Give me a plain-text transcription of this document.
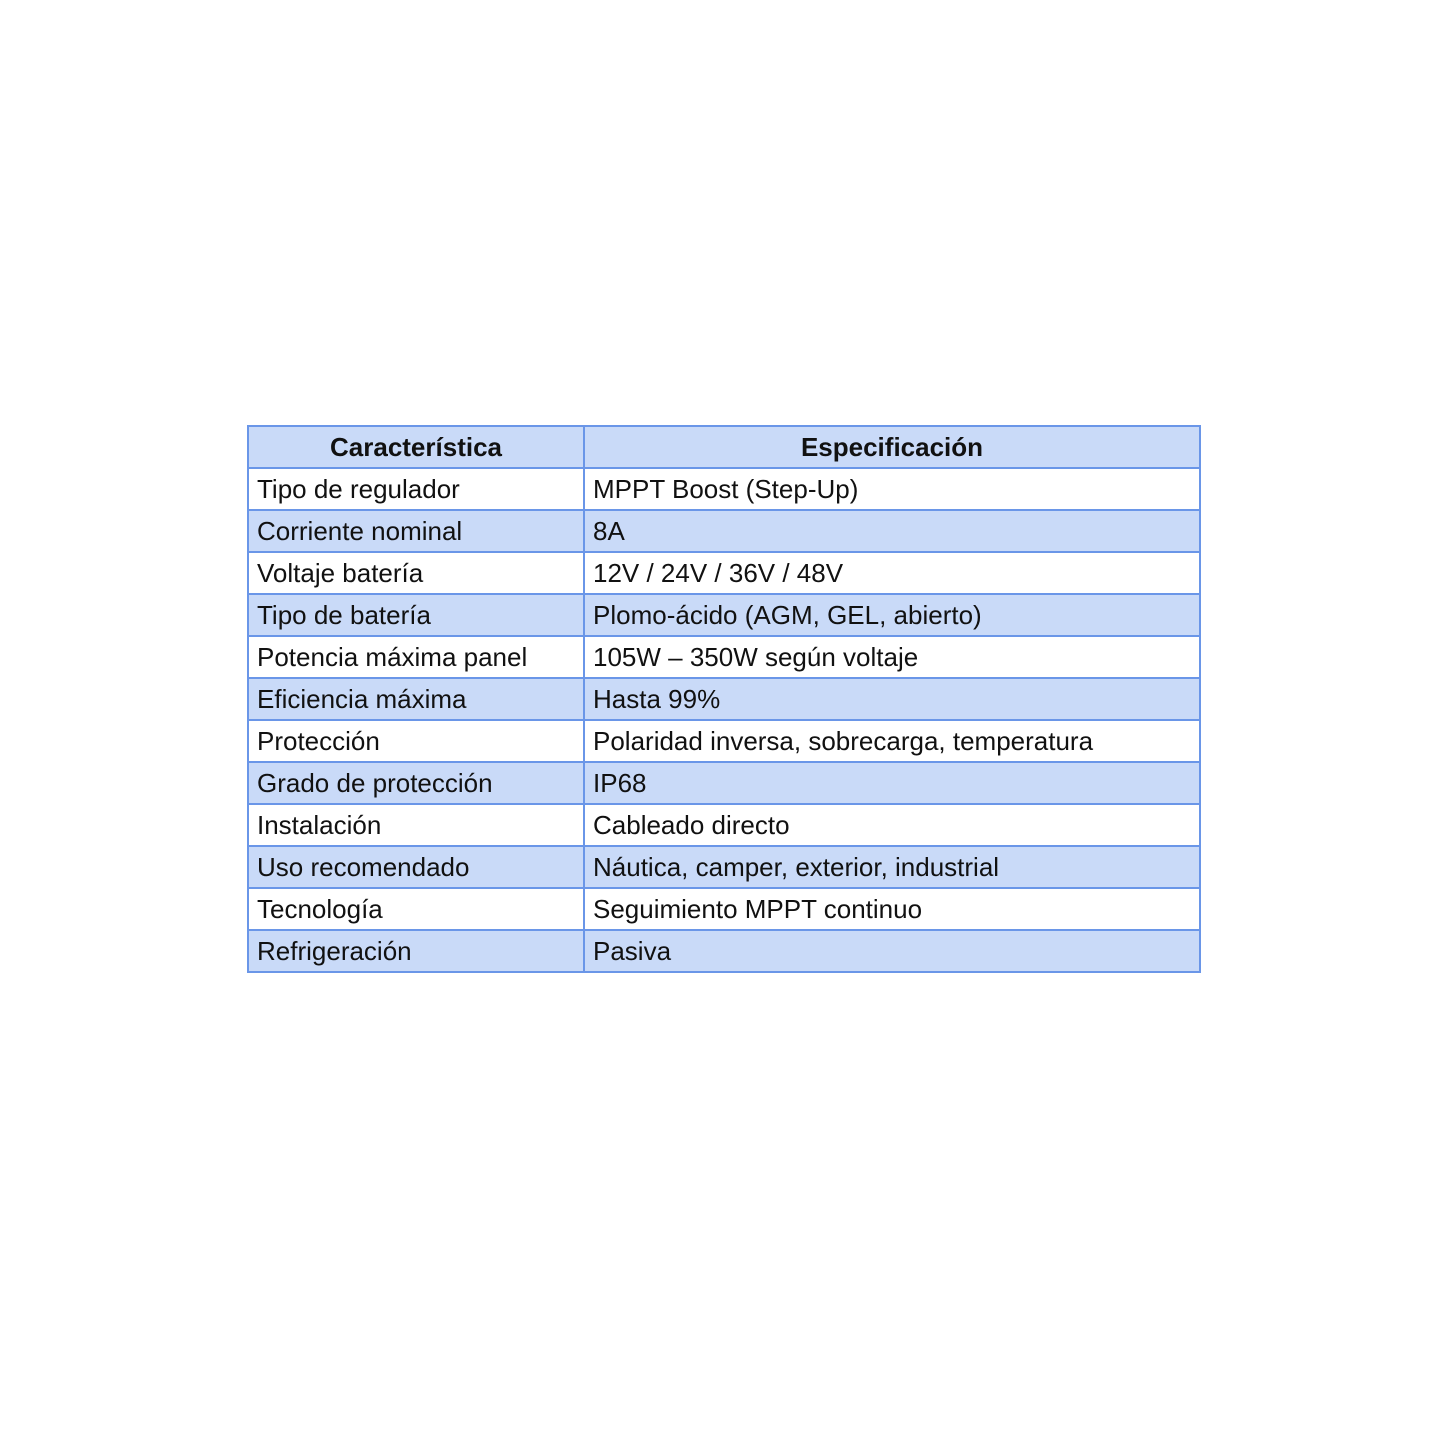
Característica	Especificación
Tipo de regulador	MPPT Boost (Step-Up)
Corriente nominal	8A
Voltaje batería	12V / 24V / 36V / 48V
Tipo de batería	Plomo-ácido (AGM, GEL, abierto)
Potencia máxima panel	105W – 350W según voltaje
Eficiencia máxima	Hasta 99%
Protección	Polaridad inversa, sobrecarga, temperatura
Grado de protección	IP68
Instalación	Cableado directo
Uso recomendado	Náutica, camper, exterior, industrial
Tecnología	Seguimiento MPPT continuo
Refrigeración	Pasiva
